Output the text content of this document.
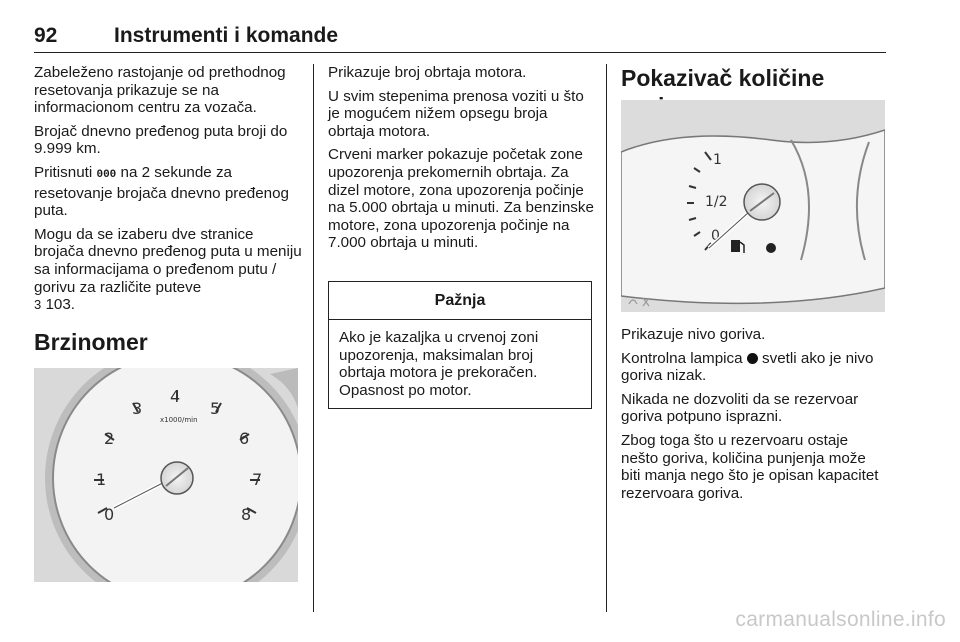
92	Instrumenti i komande

Zabeleženo rastojanje od prethodnog resetovanja prikazuje se na informacionom centru za vozača.

Brojač dnevno pređenog puta broji do 9.999 km.

Pritisnuti 000 na 2 sekunde za resetovanje brojača dnevno pređenog puta.

Mogu da se izaberu dve stranice brojača dnevno pređenog puta u meniju sa informacijama o pređenom putu / gorivu za različite puteve
3 103.

Brzinomer
0
1
2
3
4
5
6
7
8
x1000/min

Prikazuje broj obrtaja motora.

U svim stepenima prenosa voziti u što je mogućem nižem opsegu broja obrtaja motora.

Crveni marker pokazuje početak zone upozorenja prekomernih obrtaja. Za dizel motore, zona upozorenja počinje na 5.000 obrtaja u minuti. Za benzinske motore, zona upozorenja počinje na 7.000 obrtaja u minuti.

Pažnja
Ako je kazaljka u crvenoj zoni upozorenja, maksimalan broj obrtaja motora je prekoračen. Opasnost po motor.
Pokazivač količine
1
1/2
0

Prikazuje nivo goriva.

Kontrolna lampica svetli ako je nivo goriva nizak.

Nikada ne dozvoliti da se rezervoar goriva potpuno isprazni.

Zbog toga što u rezervoaru ostaje nešto goriva, količina punjenja može biti manja nego što je opisan kapacitet rezervoara goriva.

carmanualsonline.info
